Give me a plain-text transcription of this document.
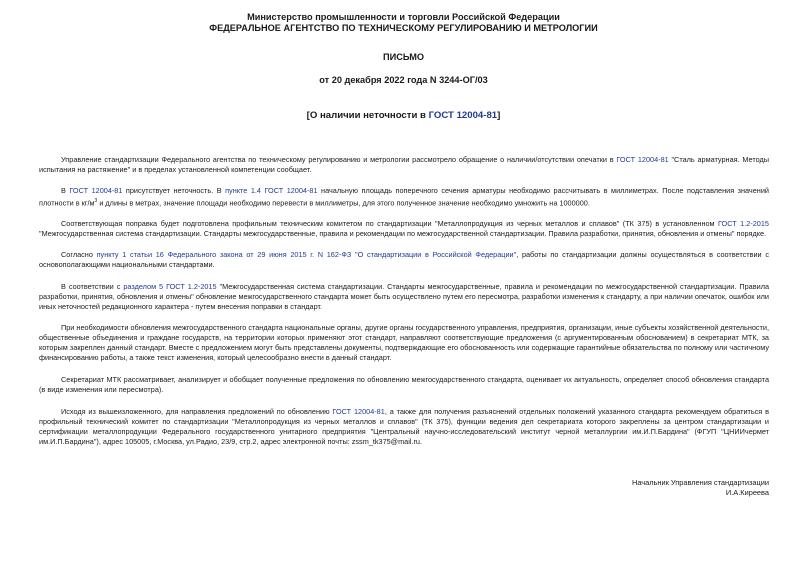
Министерство промышленности и торговли Российской Федерации
ФЕДЕРАЛЬНОЕ АГЕНТСТВО ПО ТЕХНИЧЕСКОМУ РЕГУЛИРОВАНИЮ И МЕТРОЛОГИИ
ПИСЬМО
от 20 декабря 2022 года N 3244-ОГ/03
[О наличии неточности в ГОСТ 12004-81]

Управление стандартизации Федерального агентства по техническому регулированию и метрологии рассмотрело обращение о наличии/отсутствии опечатки в ГОСТ 12004-81 "Сталь арматурная. Методы испытания на растяжение" и в пределах установленной компетенции сообщает.

В ГОСТ 12004-81 присутствует неточность. В пункте 1.4 ГОСТ 12004-81 начальную площадь поперечного сечения арматуры необходимо рассчитывать в миллиметрах. После подставления значений плотности в $кг/м^3$ и длины в метрах, значение площади необходимо перевести в миллиметры, для этого полученное значение необходимо умножить на 1000000.

Соответствующая поправка будет подготовлена профильным техническим комитетом по стандартизации "Металлопродукция из черных металлов и сплавов" (ТК 375) в установленном ГОСТ 1.2-2015 "Межгосударственная система стандартизации. Стандарты межгосударственные, правила и рекомендации по межгосударственной стандартизации. Правила разработки, принятия, обновления и отмены" порядке.

Согласно пункту 1 статьи 16 Федерального закона от 29 июня 2015 г. N 162-ФЗ "О стандартизации в Российской Федерации", работы по стандартизации должны осуществляться в соответствии с основополагающими национальными стандартами.

В соответствии с разделом 5 ГОСТ 1.2-2015 "Межгосударственная система стандартизации. Стандарты межгосударственные, правила и рекомендации по межгосударственной стандартизации. Правила разработки, принятия, обновления и отмены" обновление межгосударственного стандарта может быть осуществлено путем его пересмотра, разработки изменения к стандарту, а при наличии опечаток, ошибок или иных неточностей редакционного характера - путем внесения поправки в стандарт.

При необходимости обновления межгосударственного стандарта национальные органы, другие органы государственного управления, предприятия, организации, иные субъекты хозяйственной деятельности, общественные объединения и граждане государств, на территории которых применяют этот стандарт, направляют соответствующие предложения (с аргументированным обоснованием) в секретариат МТК, за которым закреплен данный стандарт. Вместе с предложением могут быть представлены документы, подтверждающие его обоснованность или содержащие гарантийные обязательства по полному или частичному финансированию работы, а также текст изменения, который целесообразно внести в данный стандарт.

Секретариат МТК рассматривает, анализирует и обобщает полученные предложения по обновлению межгосударственного стандарта, оценивает их актуальность, определяет способ обновления стандарта (в виде изменения или пересмотра).

Исходя из вышеизложенного, для направления предложений по обновлению ГОСТ 12004-81, а также для получения разъяснений отдельных положений указанного стандарта рекомендуем обратиться в профильный технический комитет по стандартизации "Металлопродукция из черных металлов и сплавов" (ТК 375), функции ведения дел секретариата которого закреплены за центром стандартизации и сертификации металлопродукции Федерального государственного унитарного предприятия "Центральный научно-исследовательский институт черной металлургии им.И.П.Бардина" (ФГУП "ЦНИИчермет им.И.П.Бардина"), адрес 105005, г.Москва, ул.Радио, 23/9, стр.2, адрес электронной почты: zssm_tk375@mail.ru.

Начальник Управления стандартизации
И.А.Киреева
